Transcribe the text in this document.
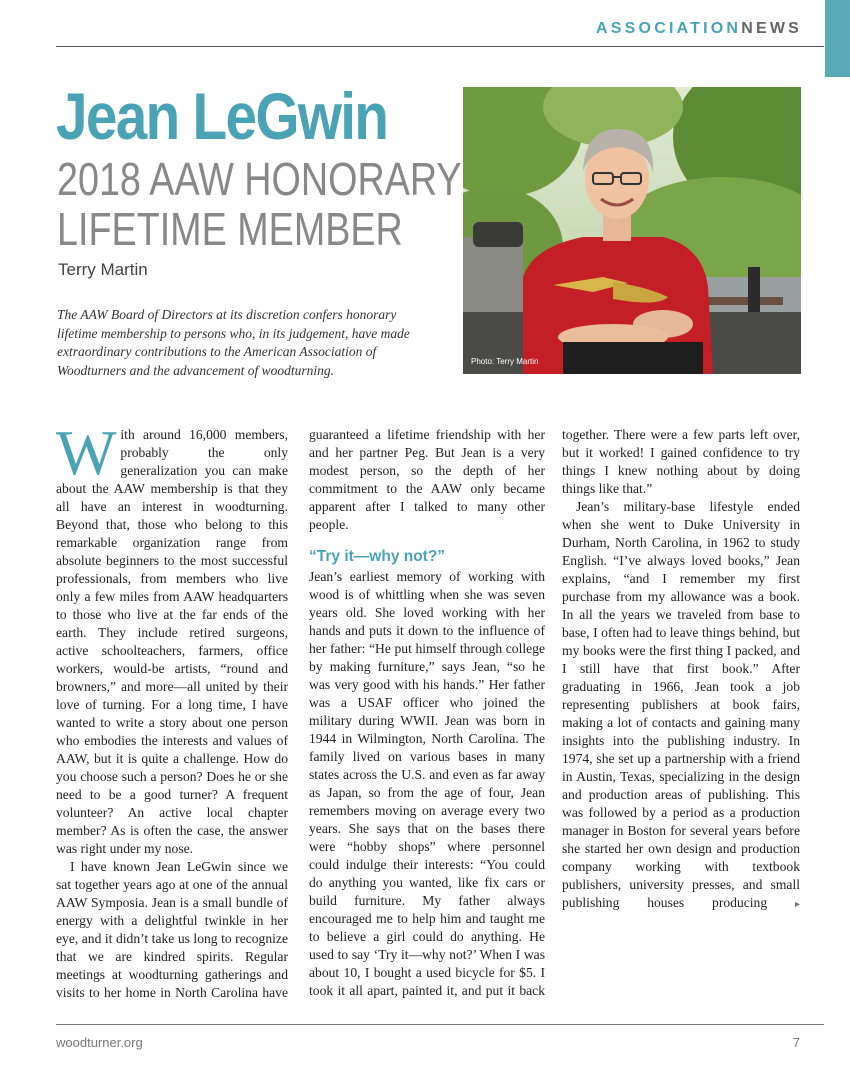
ASSOCIATIONNEWS
Jean LeGwin
2018 AAW HONORARY
LIFETIME MEMBER
Terry Martin
The AAW Board of Directors at its discretion confers honorary lifetime membership to persons who, in its judgement, have made extraordinary contributions to the American Association of Woodturners and the advancement of woodturning.
Photo: Terry Martin

With around 16,000 members, probably the only generalization you can make about the AAW membership is that they all have an interest in woodturning. Beyond that, those who belong to this remarkable organization range from absolute beginners to the most successful professionals, from members who live only a few miles from AAW headquarters to those who live at the far ends of the earth. They include retired surgeons, active schoolteachers, farmers, office workers, would-be artists, “round and browners,” and more—all united by their love of turning. For a long time, I have wanted to write a story about one person who embodies the interests and values of AAW, but it is quite a challenge. How do you choose such a person? Does he or she need to be a good turner? A frequent volunteer? An active local chapter member? As is often the case, the answer was right under my nose.

I have known Jean LeGwin since we sat together years ago at one of the annual AAW Symposia. Jean is a small bundle of energy with a delightful twinkle in her eye, and it didn’t take us long to recognize that we are kindred spirits. Regular meetings at woodturning gatherings and visits to her home in North Carolina have

guaranteed a lifetime friendship with her and her partner Peg. But Jean is a very modest person, so the depth of her commitment to the AAW only became apparent after I talked to many other people.

“Try it—why not?”

Jean’s earliest memory of working with wood is of whittling when she was seven years old. She loved working with her hands and puts it down to the influence of her father: “He put himself through college by making furniture,” says Jean, “so he was very good with his hands.” Her father was a USAF officer who joined the military during WWII. Jean was born in 1944 in Wilmington, North Carolina. The family lived on various bases in many states across the U.S. and even as far away as Japan, so from the age of four, Jean remembers moving on average every two years. She says that on the bases there were “hobby shops” where personnel could indulge their interests: “You could do anything you wanted, like fix cars or build furniture. My father always encouraged me to help him and taught me to believe a girl could do anything. He used to say ‘Try it—why not?’ When I was about 10, I bought a used bicycle for $5. I took it all apart, painted it, and put it back

together. There were a few parts left over, but it worked! I gained confidence to try things I knew nothing about by doing things like that.”

Jean’s military-base lifestyle ended when she went to Duke University in Durham, North Carolina, in 1962 to study English. “I’ve always loved books,” Jean explains, “and I remember my first purchase from my allowance was a book. In all the years we traveled from base to base, I often had to leave things behind, but my books were the first thing I packed, and I still have that first book.” After graduating in 1966, Jean took a job representing publishers at book fairs, making a lot of contacts and gaining many insights into the publishing industry. In 1974, she set up a partnership with a friend in Austin, Texas, specializing in the design and production areas of publishing. This was followed by a period as a production manager in Boston for several years before she started her own design and production company working with textbook publishers, university presses, and small publishing houses producing ▸

woodturner.org	7
